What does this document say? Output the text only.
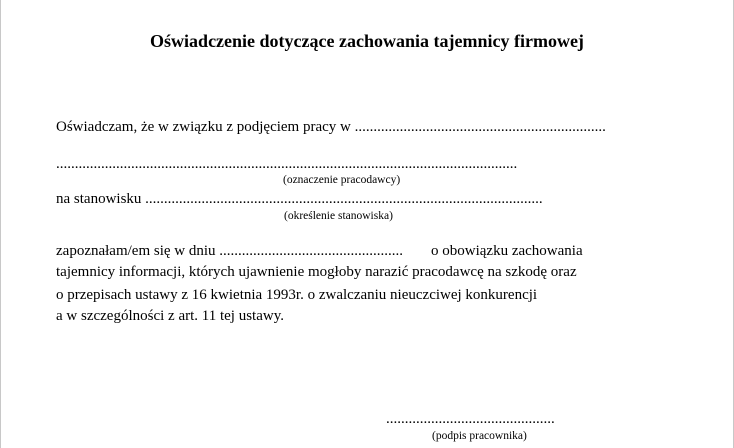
Oświadczenie dotyczące zachowania tajemnicy firmowej
Oświadczam, że w związku z podjęciem pracy w ...................................................................
...........................................................................................................................
(oznaczenie pracodawcy)
na stanowisku ..........................................................................................................
(określenie stanowiska)
zapoznałam/em się w dniu ................................................. o obowiązku zachowania
tajemnicy informacji, których ujawnienie mogłoby narazić pracodawcę na szkodę oraz
o przepisach ustawy z 16 kwietnia 1993r. o zwalczaniu nieuczciwej konkurencji
a w szczególności z art. 11 tej ustawy.
.............................................
(podpis pracownika)
